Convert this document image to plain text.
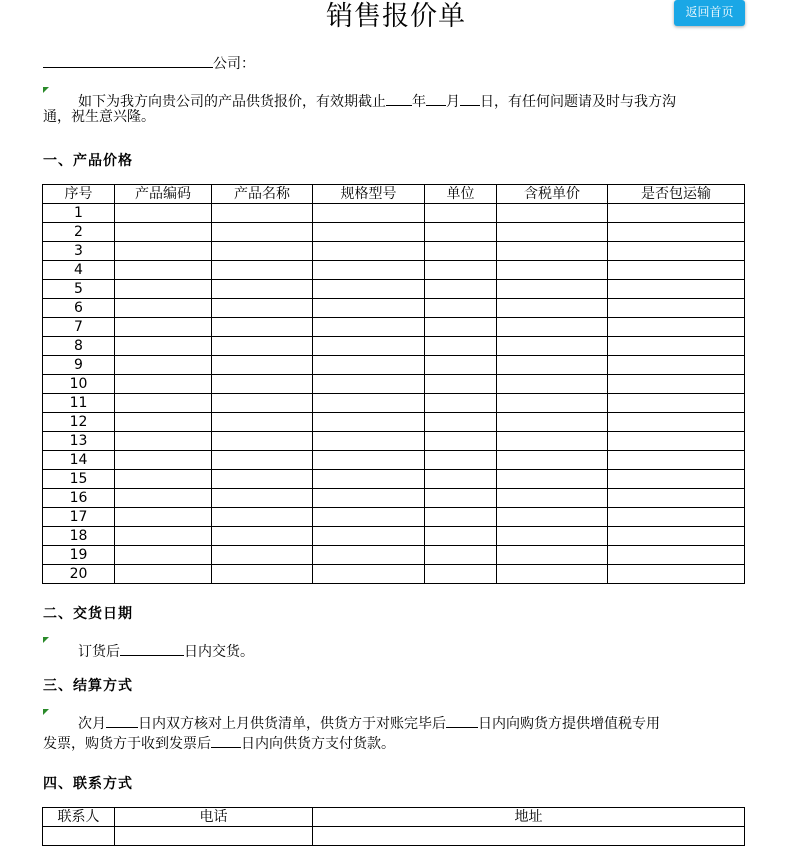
销售报价单	返回首页
公司：
如下为我方向贵公司的产品供货报价，有效期截止 年 月 日，有任何问题请及时与我方沟
通，祝生意兴隆。
一、产品价格
序号	产品编码	产品名称	规格型号	单位	含税单价	是否包运输
1						
2						
3						
4						
5						
6						
7						
8						
9						
10						
11						
12						
13						
14						
15						
16						
17						
18						
19						
20						
二、交货日期
订货后	日内交货。
三、结算方式
次月 日内双方核对上月供货清单，供货方于对账完毕后 日内向购货方提供增值税专用
发票，购货方于收到发票后 日内向供货方支付货款。
四、联系方式
联系人	电话	地址
